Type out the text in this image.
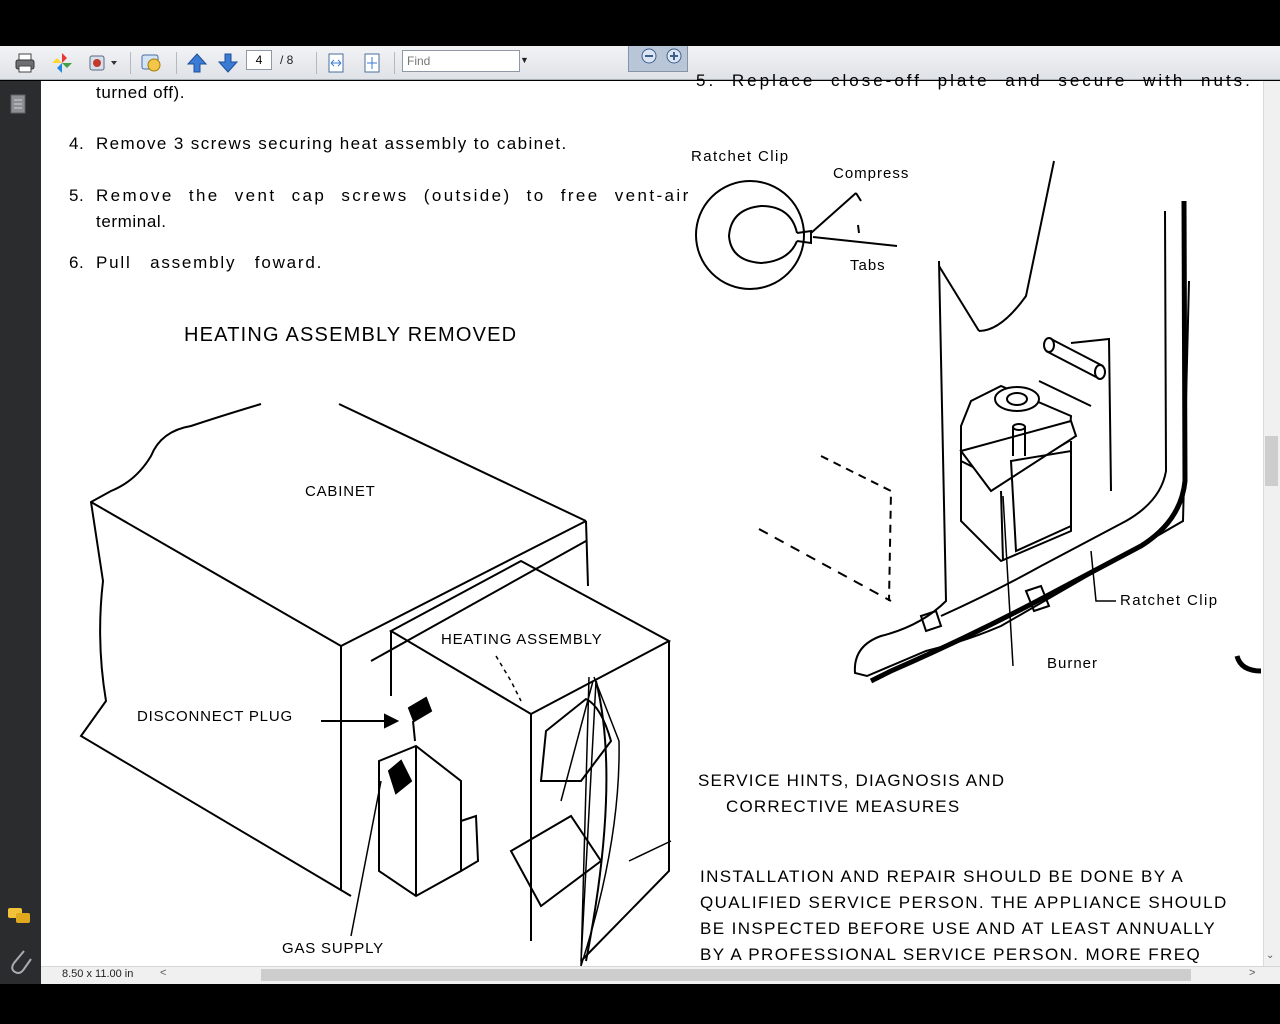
4	/ 8	Find	▼
turned off).
4. Remove 3 screws securing heat assembly to cabinet.
5. Remove the vent cap screws (outside) to free vent-air
terminal.
6. Pull assembly foward.
HEATING ASSEMBLY REMOVED
CABINET
HEATING ASSEMBLY
DISCONNECT PLUG
GAS SUPPLY
5. Replace close-off plate and secure with nuts.
Ratchet Clip
Compress
Tabs
Ratchet Clip
Burner
SERVICE HINTS, DIAGNOSIS AND
CORRECTIVE MEASURES
INSTALLATION AND REPAIR SHOULD BE DONE BY A
QUALIFIED SERVICE PERSON. THE APPLIANCE SHOULD
BE INSPECTED BEFORE USE AND AT LEAST ANNUALLY
BY A PROFESSIONAL SERVICE PERSON. MORE FREQ	⌄
8.50 x 11.00 in <	>
